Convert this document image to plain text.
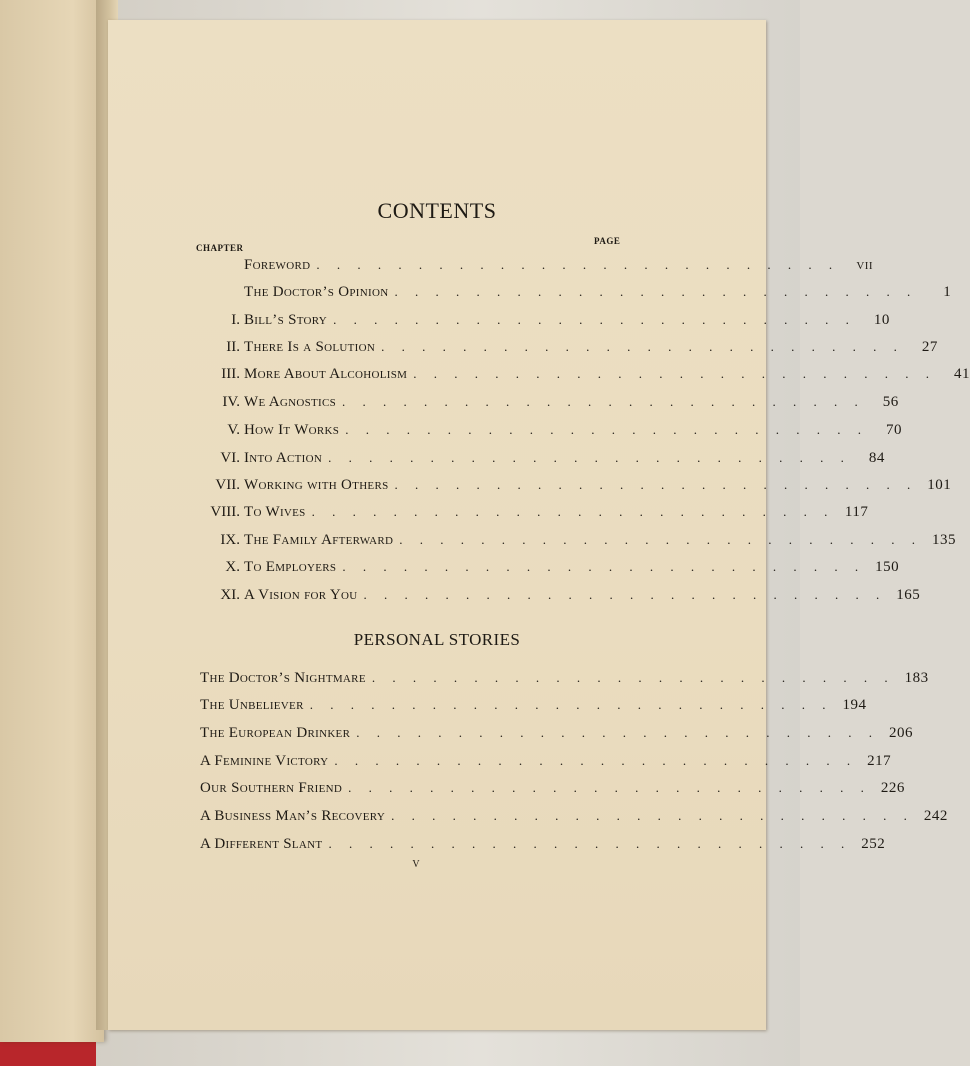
CONTENTS
CHAPTER
PAGE
Foreword . . . . . . . . . . . . . . . . . . . . . . . . . .	vii
The Doctor’s Opinion . . . . . . . . . . . . . . . . . . . . . . . . . .	1
I. Bill’s Story . . . . . . . . . . . . . . . . . . . . . . . . . .	10
II. There Is a Solution . . . . . . . . . . . . . . . . . . . . . . . . . .	27
III. More About Alcoholism . . . . . . . . . . . . . . . . . . . . . . . . . .	41
IV. We Agnostics . . . . . . . . . . . . . . . . . . . . . . . . . .	56
V. How It Works . . . . . . . . . . . . . . . . . . . . . . . . . .	70
VI. Into Action . . . . . . . . . . . . . . . . . . . . . . . . . .	84
VII. Working with Others . . . . . . . . . . . . . . . . . . . . . . . . . . 101
VIII. To Wives . . . . . . . . . . . . . . . . . . . . . . . . . . 117
IX. The Family Afterward . . . . . . . . . . . . . . . . . . . . . . . . . . 135
X. To Employers . . . . . . . . . . . . . . . . . . . . . . . . . . 150
XI. A Vision for You . . . . . . . . . . . . . . . . . . . . . . . . . . 165
PERSONAL STORIES
The Doctor’s Nightmare . . . . . . . . . . . . . . . . . . . . . . . . . . 183
The Unbeliever . . . . . . . . . . . . . . . . . . . . . . . . . . 194
The European Drinker . . . . . . . . . . . . . . . . . . . . . . . . . . 206
A Feminine Victory . . . . . . . . . . . . . . . . . . . . . . . . . . 217
Our Southern Friend . . . . . . . . . . . . . . . . . . . . . . . . . . 226
A Business Man’s Recovery . . . . . . . . . . . . . . . . . . . . . . . . . . 242
A Different Slant . . . . . . . . . . . . . . . . . . . . . . . . . . 252
v
